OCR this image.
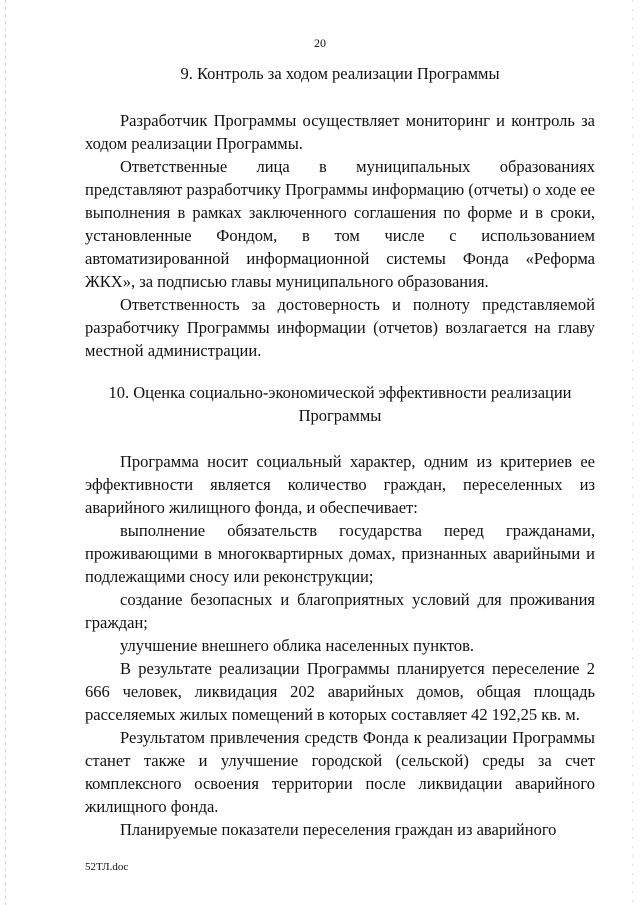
20
9. Контроль за ходом реализации Программы

Разработчик Программы осуществляет мониторинг и контроль за ходом реализации Программы.

Ответственные лица в муниципальных образованиях представляют разработчику Программы информацию (отчеты) о ходе ее выполнения в рамках заключенного соглашения по форме и в сроки, установленные Фондом, в том числе с использованием автоматизированной информационной системы Фонда «Реформа ЖКХ», за подписью главы муниципального образования.

Ответственность за достоверность и полноту представляемой разработчику Программы информации (отчетов) возлагается на главу местной администрации.

10. Оценка социально-экономической эффективности реализации
Программы

Программа носит социальный характер, одним из критериев ее эффективности является количество граждан, переселенных из аварийного жилищного фонда, и обеспечивает:

выполнение обязательств государства перед гражданами, проживающими в многоквартирных домах, признанных аварийными и подлежащими сносу или реконструкции;

создание безопасных и благоприятных условий для проживания граждан;

улучшение внешнего облика населенных пунктов.

В результате реализации Программы планируется переселение 2 666 человек, ликвидация 202 аварийных домов, общая площадь расселяемых жилых помещений в которых составляет 42 192,25 кв. м.

Результатом привлечения средств Фонда к реализации Программы станет также и улучшение городской (сельской) среды за счет комплексного освоения территории после ликвидации аварийного жилищного фонда.

Планируемые показатели переселения граждан из аварийного

52ТЛ.doc
